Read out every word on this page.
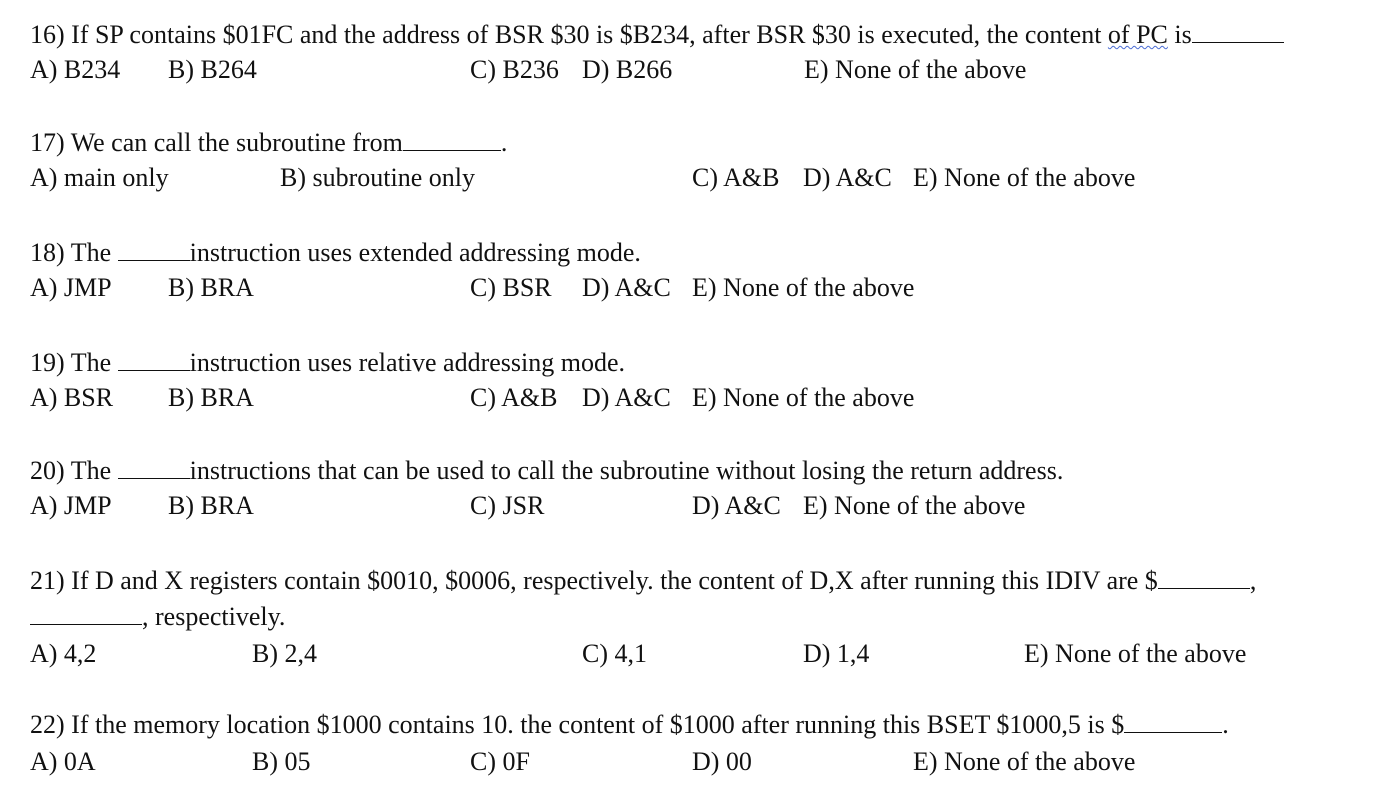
16) If SP contains $01FC and the address of BSR $30 is $B234, after BSR $30 is executed, the content of PC is
A) B234 B) B264	C) B236 D) B266	E) None of the above
17) We can call the subroutine from	.
A) main only	B) subroutine only	C) A&B D) A&C E) None of the above
18) The	instruction uses extended addressing mode.
A) JMP B) BRA	C) BSR D) A&C E) None of the above
19) The	instruction uses relative addressing mode.
A) BSR B) BRA	C) A&B D) A&C E) None of the above
20) The	instructions that can be used to call the subroutine without losing the return address.
A) JMP B) BRA	C) JSR	D) A&C E) None of the above
21) If D and X registers contain $0010, $0006, respectively. the content of D,X after running this IDIV are $	,
, respectively.
A) 4,2	B) 2,4	C) 4,1	D) 1,4	E) None of the above
22) If the memory location $1000 contains 10. the content of $1000 after running this BSET $1000,5 is $	.
A) 0A	B) 05	C) 0F	D) 00	E) None of the above
